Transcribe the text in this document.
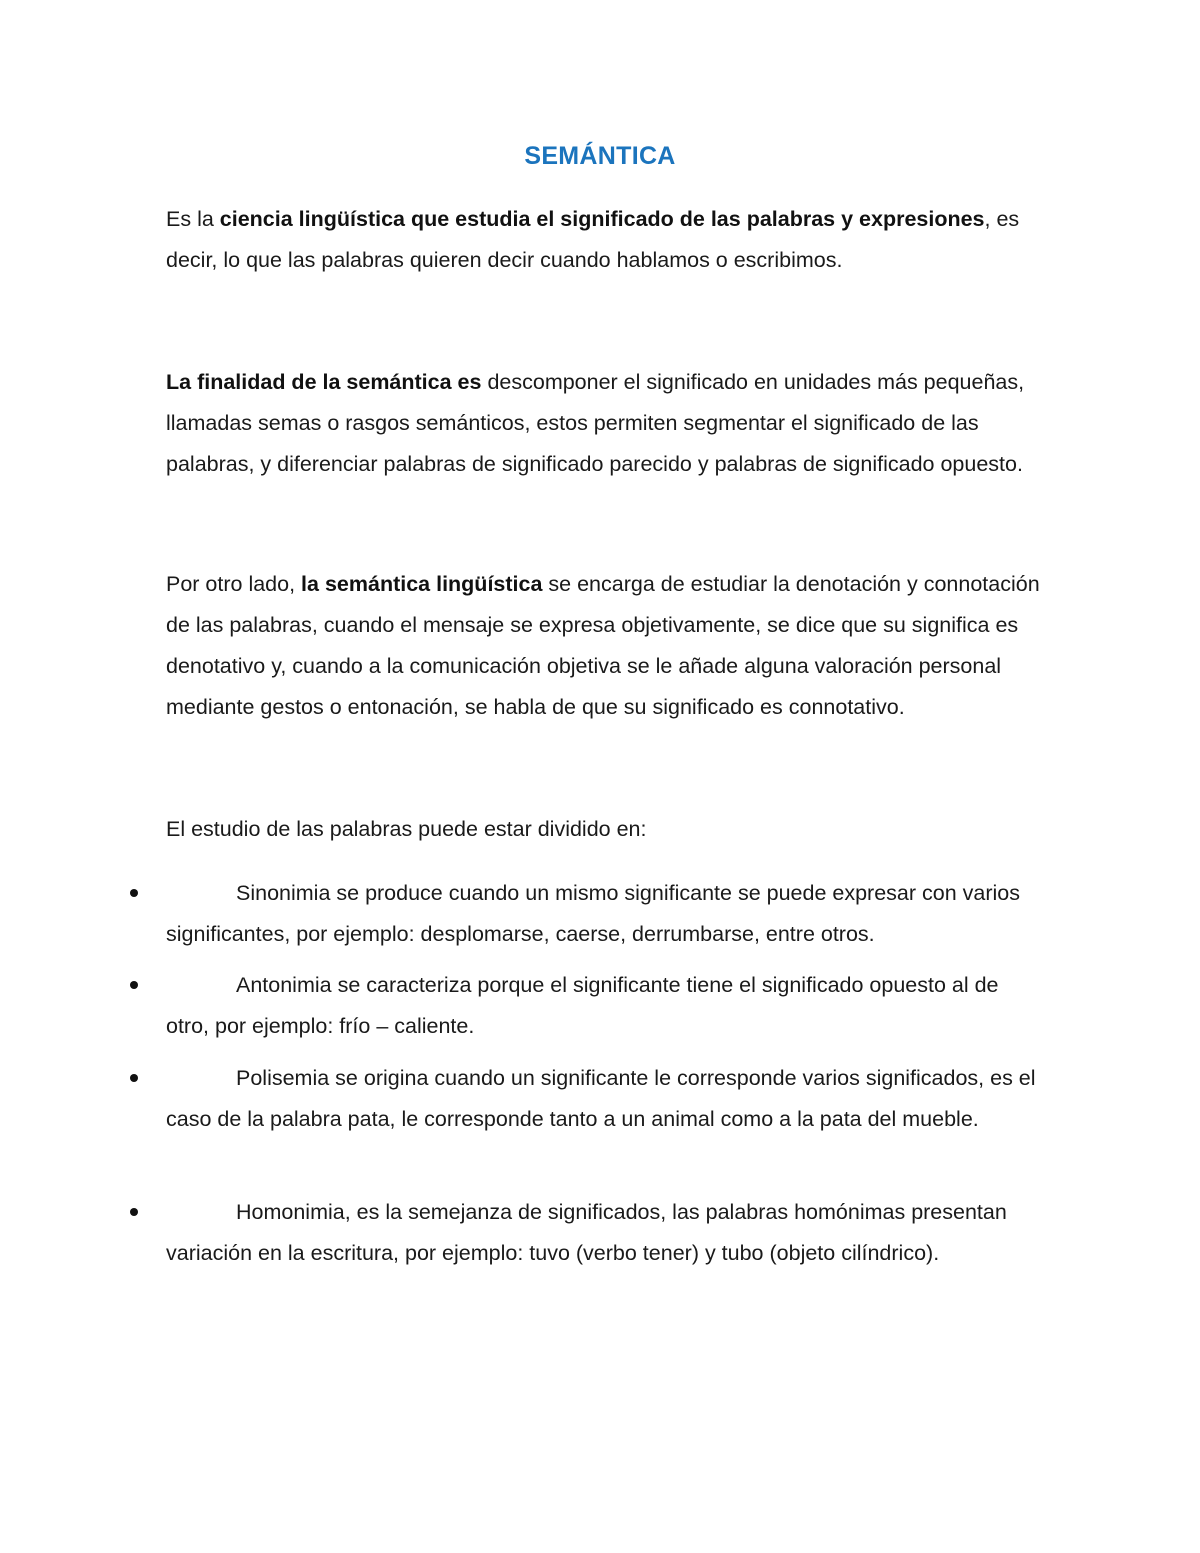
SEMÁNTICA

Es la ciencia lingüística que estudia el significado de las palabras y expresiones, es decir, lo que las palabras quieren decir cuando hablamos o escribimos.

La finalidad de la semántica es descomponer el significado en unidades más pequeñas, llamadas semas o rasgos semánticos, estos permiten segmentar el significado de las palabras, y diferenciar palabras de significado parecido y palabras de significado opuesto.

Por otro lado, la semántica lingüística se encarga de estudiar la denotación y connotación de las palabras, cuando el mensaje se expresa objetivamente, se dice que su significa es denotativo y, cuando a la comunicación objetiva se le añade alguna valoración personal mediante gestos o entonación, se habla de que su significado es connotativo.

El estudio de las palabras puede estar dividido en:

Sinonimia se produce cuando un mismo significante se puede expresar con varios significantes, por ejemplo: desplomarse, caerse, derrumbarse, entre otros.
Antonimia se caracteriza porque el significante tiene el significado opuesto al de otro, por ejemplo: frío – caliente.
Polisemia se origina cuando un significante le corresponde varios significados, es el caso de la palabra pata, le corresponde tanto a un animal como a la pata del mueble.
Homonimia, es la semejanza de significados, las palabras homónimas presentan variación en la escritura, por ejemplo: tuvo (verbo tener) y tubo (objeto cilíndrico).
